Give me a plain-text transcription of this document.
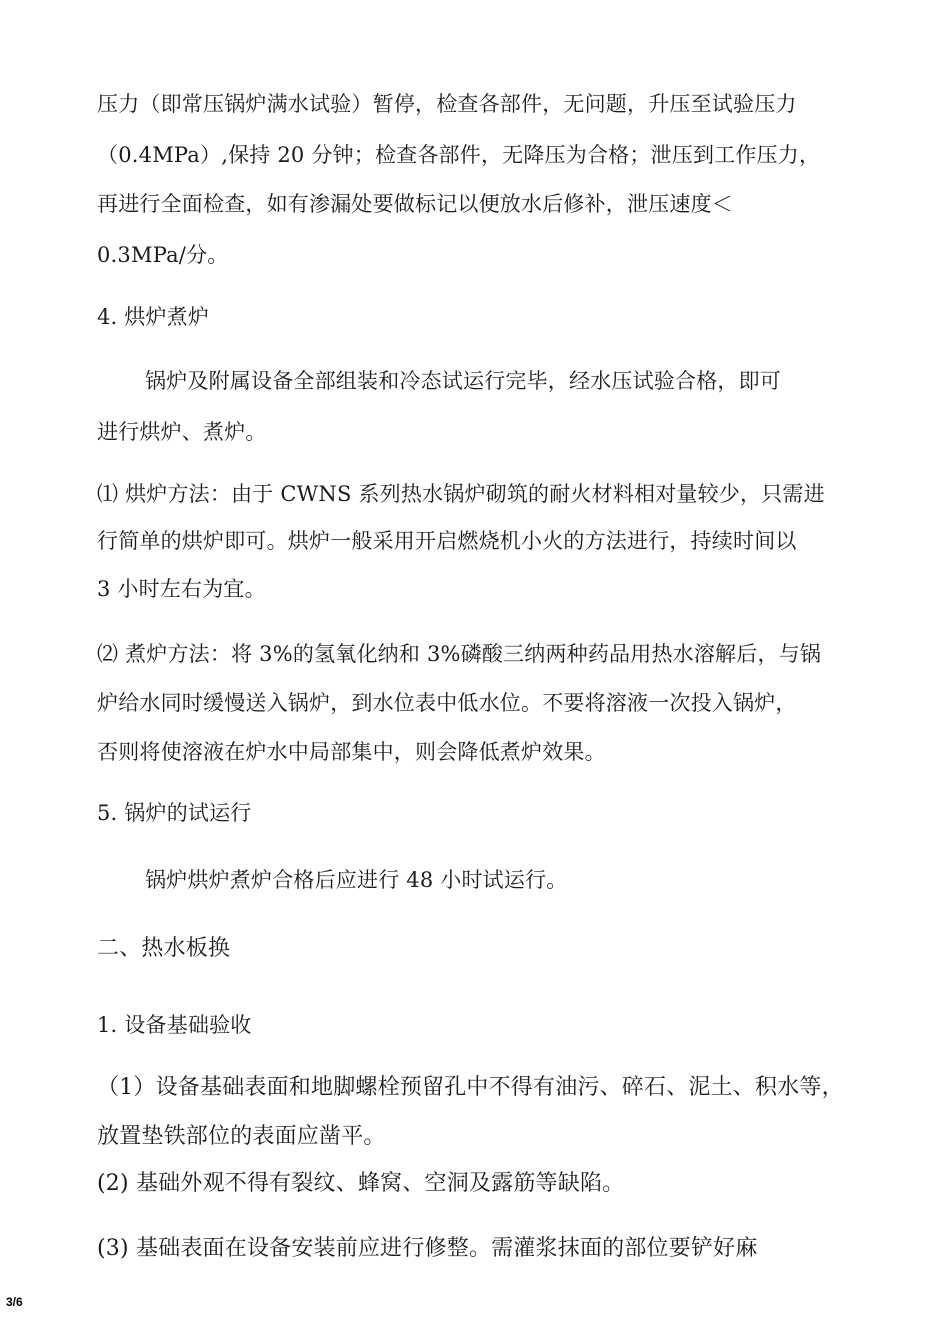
压力（即常压锅炉满水试验）暂停，检查各部件，无问题，升压至试验压力
（0.4MPa）,保持 20 分钟；检查各部件，无降压为合格；泄压到工作压力，
再进行全面检查，如有渗漏处要做标记以便放水后修补，泄压速度＜
0.3MPa/分。
4. 烘炉煮炉
锅炉及附属设备全部组装和冷态试运行完毕，经水压试验合格，即可
进行烘炉、煮炉。
⑴ 烘炉方法：由于 CWNS 系列热水锅炉砌筑的耐火材料相对量较少，只需进
行简单的烘炉即可。烘炉一般采用开启燃烧机小火的方法进行，持续时间以
3 小时左右为宜。
⑵ 煮炉方法：将 3%的氢氧化纳和 3%磷酸三纳两种药品用热水溶解后，与锅
炉给水同时缓慢送入锅炉，到水位表中低水位。不要将溶液一次投入锅炉，
否则将使溶液在炉水中局部集中，则会降低煮炉效果。
5. 锅炉的试运行
锅炉烘炉煮炉合格后应进行 48 小时试运行。
二、热水板换
1. 设备基础验收
（1）设备基础表面和地脚螺栓预留孔中不得有油污、碎石、泥土、积水等，
放置垫铁部位的表面应凿平。
(2) 基础外观不得有裂纹、蜂窝、空洞及露筋等缺陷。
(3) 基础表面在设备安装前应进行修整。需灌浆抹面的部位要铲好麻
3/6
